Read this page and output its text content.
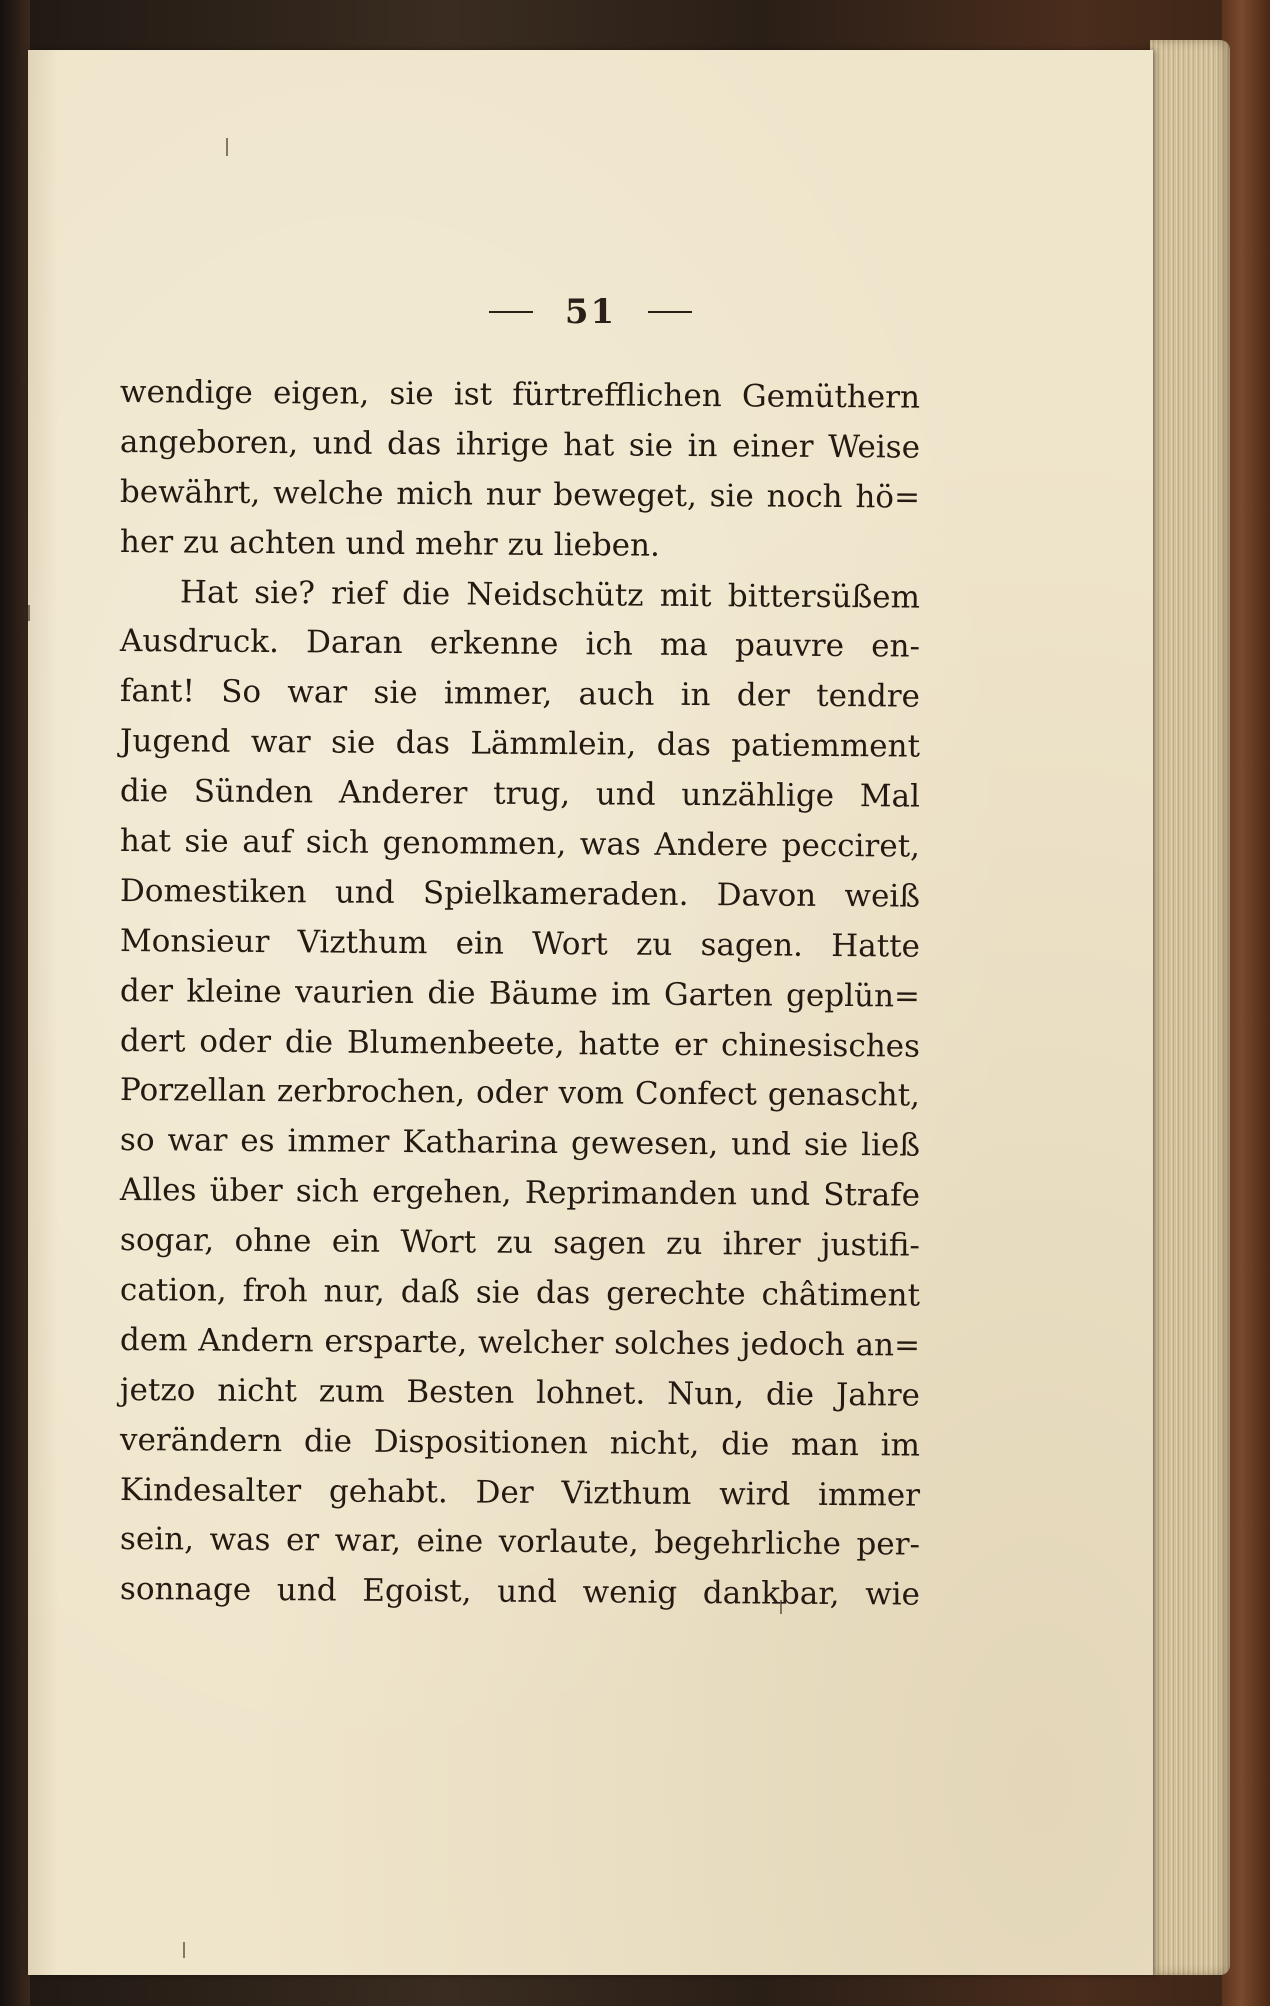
51
wendige eigen, sie ist fürtrefflichen Gemüthern
angeboren, und das ihrige hat sie in einer Weise
bewährt, welche mich nur beweget, sie noch hö=
her zu achten und mehr zu lieben.
Hat sie? rief die Neidschütz mit bittersüßem
Ausdruck. Daran erkenne ich ma pauvre en-
fant! So war sie immer, auch in der tendre
Jugend war sie das Lämmlein, das patiemment
die Sünden Anderer trug, und unzählige Mal
hat sie auf sich genommen, was Andere pecciret,
Domestiken und Spielkameraden. Davon weiß
Monsieur Vizthum ein Wort zu sagen. Hatte
der kleine vaurien die Bäume im Garten geplün=
dert oder die Blumenbeete, hatte er chinesisches
Porzellan zerbrochen, oder vom Confect genascht,
so war es immer Katharina gewesen, und sie ließ
Alles über sich ergehen, Reprimanden und Strafe
sogar, ohne ein Wort zu sagen zu ihrer justifi-
cation, froh nur, daß sie das gerechte châtiment
dem Andern ersparte, welcher solches jedoch an=
jetzo nicht zum Besten lohnet. Nun, die Jahre
verändern die Dispositionen nicht, die man im
Kindesalter gehabt. Der Vizthum wird immer
sein, was er war, eine vorlaute, begehrliche per-
sonnage und Egoist, und wenig dankbar, wie
